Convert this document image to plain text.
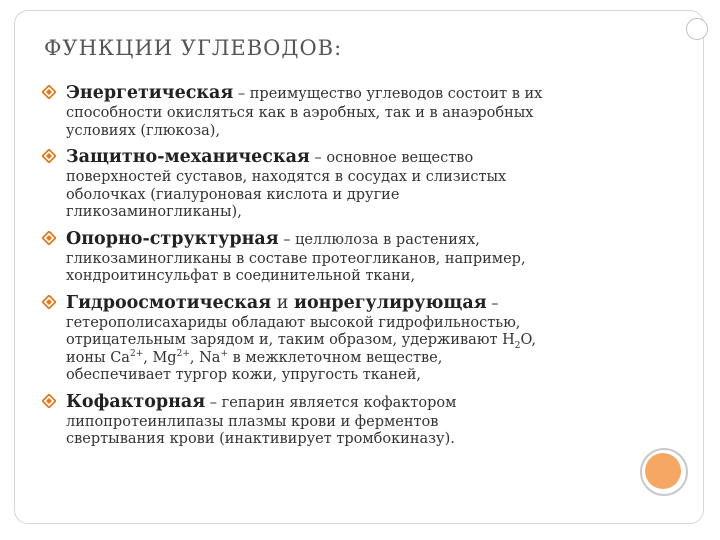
ФУНКЦИИ УГЛЕВОДОВ:
Энергетическая – преимущество углеводов состоит в их
способности окисляться как в аэробных, так и в анаэробных
условиях (глюкоза),
Защитно-механическая – основное вещество
поверхностей суставов, находятся в сосудах и слизистых
оболочках (гиалуроновая кислота и другие
гликозаминогликаны),
Опорно-структурная – целлюлоза в растениях,
гликозаминогликаны в составе протеогликанов, например,
хондроитинсульфат в соединительной ткани,
Гидроосмотическая и ионрегулирующая –
гетерополисахариды обладают высокой гидрофильностью,
отрицательным зарядом и, таким образом, удерживают $H_2O$,
ионы $Ca^{2+}$, $Mg^{2+}$, Na+ в межклеточном веществе,
обеспечивает тургор кожи, упругость тканей,
Кофакторная – гепарин является кофактором
липопротеинлипазы плазмы крови и ферментов
свертывания крови (инактивирует тромбокиназу).
